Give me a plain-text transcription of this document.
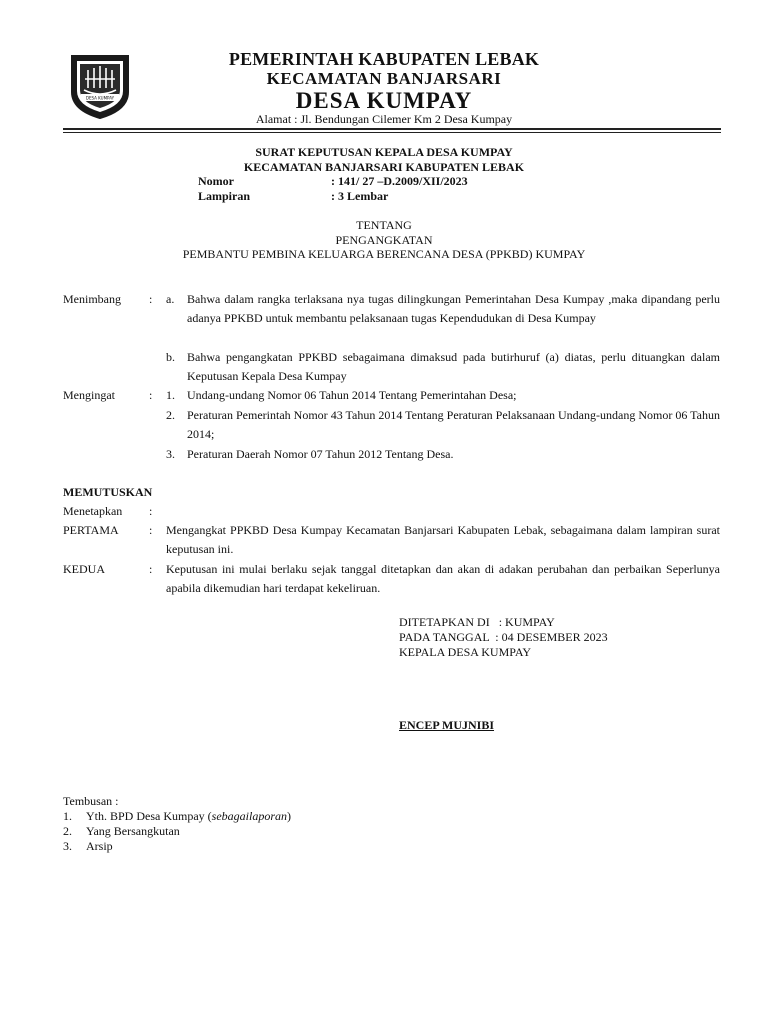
DESA KUMPAY
PEMERINTAH KABUPATEN LEBAK
KECAMATAN BANJARSARI
DESA KUMPAY
Alamat : Jl. Bendungan Cilemer Km 2 Desa Kumpay
SURAT KEPUTUSAN KEPALA DESA KUMPAY
KECAMATAN BANJARSARI KABUPATEN LEBAK
Nomor	: 141/ 27 –D.2009/XII/2023
Lampiran	: 3 Lembar
TENTANG
PENGANGKATAN
PEMBANTU PEMBINA KELUARGA BERENCANA DESA (PPKBD) KUMPAY
Menimbang : a. Bahwa dalam rangka terlaksana nya tugas dilingkungan Pemerintahan Desa Kumpay ,maka dipandang perlu adanya PPKBD untuk membantu pelaksanaan tugas Kependudukan di Desa Kumpay
b. Bahwa pengangkatan PPKBD sebagaimana dimaksud pada butirhuruf (a) diatas, perlu dituangkan dalam Keputusan Kepala Desa Kumpay
Mengingat	: 1. Undang-undang Nomor 06 Tahun 2014 Tentang Pemerintahan Desa;
2. Peraturan Pemerintah Nomor 43 Tahun 2014 Tentang Peraturan Pelaksanaan Undang-undang Nomor 06 Tahun 2014;
3. Peraturan Daerah Nomor 07 Tahun 2012 Tentang Desa.
MEMUTUSKAN
Menetapkan :
PERTAMA	: Mengangkat PPKBD Desa Kumpay Kecamatan Banjarsari Kabupaten Lebak, sebagaimana dalam lampiran surat keputusan ini.
KEDUA	: Keputusan ini mulai berlaku sejak tanggal ditetapkan dan akan di adakan perubahan dan perbaikan Seperlunya apabila dikemudian hari terdapat kekeliruan.
DITETAPKAN DI   : KUMPAY
PADA TANGGAL  : 04 DESEMBER 2023
KEPALA DESA KUMPAY
ENCEP MUJNIBI
Tembusan :
1. Yth. BPD Desa Kumpay (sebagailaporan)
2. Yang Bersangkutan
3. Arsip
